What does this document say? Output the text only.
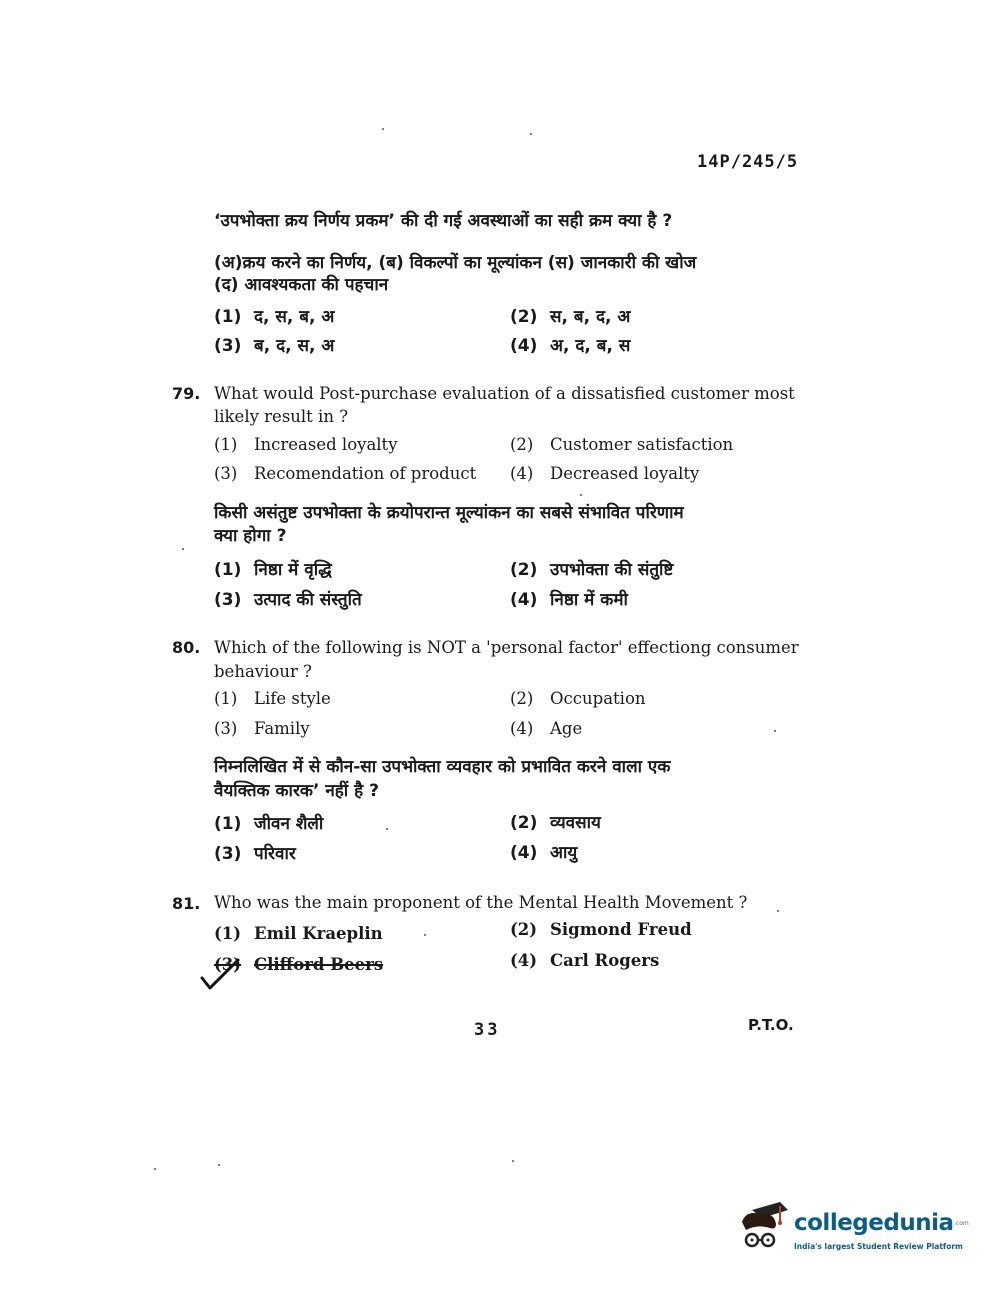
14P/245/5
‘उपभोक्ता क्रय निर्णय प्रकम’ की दी गई अवस्थाओं का सही क्रम क्या है ?
(अ)क्रय करने का निर्णय, (ब) विकल्पों का मूल्यांकन (स) जानकारी की खोज
(द) आवश्यकता की पहचान
(1) द, स, ब, अ	(2) स, ब, द, अ
(3) ब, द, स, अ	(4) अ, द, ब, स
79. What would Post-purchase evaluation of a dissatisfied customer most
likely result in ?
(1) Increased loyalty	(2) Customer satisfaction
(3) Recomendation of product (4) Decreased loyalty
किसी असंतुष्ट उपभोक्ता के क्रयोपरान्त मूल्यांकन का सबसे संभावित परिणाम
क्या होगा ?
(1) निष्ठा में वृद्धि	(2) उपभोक्ता की संतुष्टि
(3) उत्पाद की संस्तुति	(4) निष्ठा में कमी
80. Which of the following is NOT a 'personal factor' effectiong consumer
behaviour ?
(1) Life style	(2) Occupation
(3) Family	(4) Age
निम्नलिखित में से कौन-सा उपभोक्ता व्यवहार को प्रभावित करने वाला एक
वैयक्तिक कारक’ नहीं है ?
(1) जीवन शैली	(2) व्यवसाय
(3) परिवार	(4) आयु
81. Who was the main proponent of the Mental Health Movement ?
(1) Emil Kraeplin	(2) Sigmond Freud
(3) Clifford Beers	(4) Carl Rogers
33	P.T.O.
collegedunia .com
India's largest Student Review Platform
